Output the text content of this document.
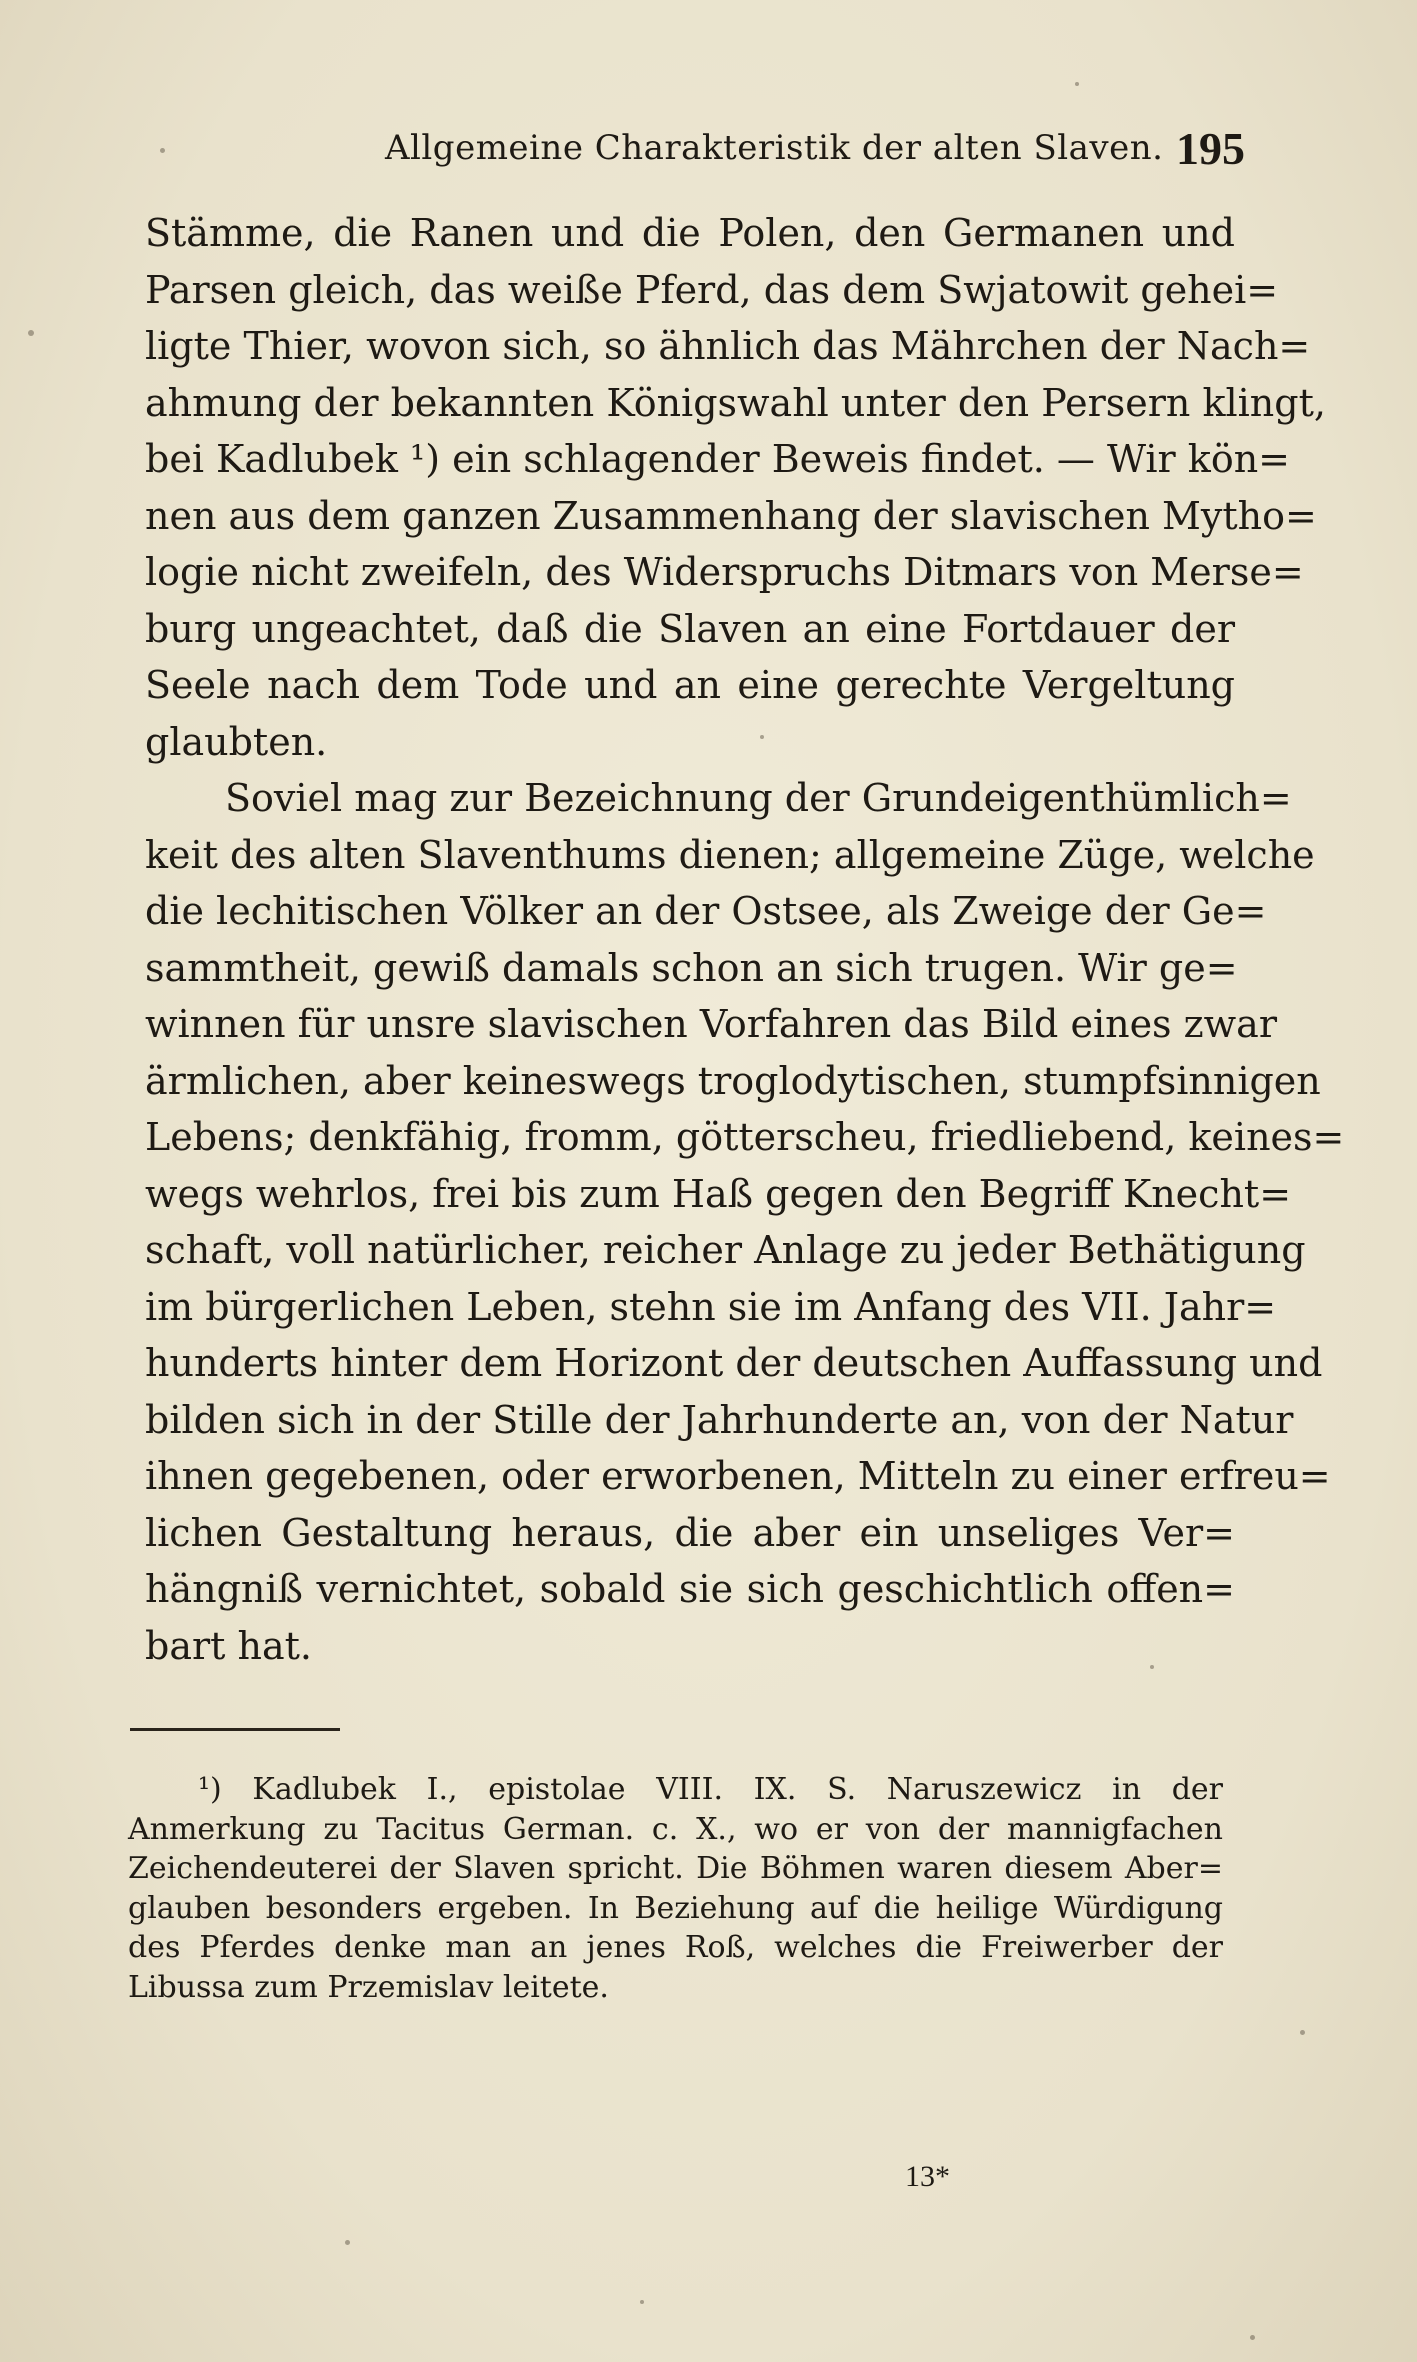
Allgemeine Charakteristik der alten Slaven. 195
Stämme, die Ranen und die Polen, den Germanen und
Parsen gleich, das weiße Pferd, das dem Swjatowit gehei=
ligte Thier, wovon sich, so ähnlich das Mährchen der Nach=
ahmung der bekannten Königswahl unter den Persern klingt,
bei Kadlubek ¹) ein schlagender Beweis findet. — Wir kön=
nen aus dem ganzen Zusammenhang der slavischen Mytho=
logie nicht zweifeln, des Widerspruchs Ditmars von Merse=
burg ungeachtet, daß die Slaven an eine Fortdauer der
Seele nach dem Tode und an eine gerechte Vergeltung
glaubten.
Soviel mag zur Bezeichnung der Grundeigenthümlich=
keit des alten Slaventhums dienen; allgemeine Züge, welche
die lechitischen Völker an der Ostsee, als Zweige der Ge=
sammtheit, gewiß damals schon an sich trugen. Wir ge=
winnen für unsre slavischen Vorfahren das Bild eines zwar
ärmlichen, aber keineswegs troglodytischen, stumpfsinnigen
Lebens; denkfähig, fromm, götterscheu, friedliebend, keines=
wegs wehrlos, frei bis zum Haß gegen den Begriff Knecht=
schaft, voll natürlicher, reicher Anlage zu jeder Bethätigung
im bürgerlichen Leben, stehn sie im Anfang des VII. Jahr=
hunderts hinter dem Horizont der deutschen Auffassung und
bilden sich in der Stille der Jahrhunderte an, von der Natur
ihnen gegebenen, oder erworbenen, Mitteln zu einer erfreu=
lichen Gestaltung heraus, die aber ein unseliges Ver=
hängniß vernichtet, sobald sie sich geschichtlich offen=
bart hat.
¹) Kadlubek I., epistolae VIII. IX. S. Naruszewicz in der
Anmerkung zu Tacitus German. c. X., wo er von der mannigfachen
Zeichendeuterei der Slaven spricht. Die Böhmen waren diesem Aber=
glauben besonders ergeben. In Beziehung auf die heilige Würdigung
des Pferdes denke man an jenes Roß, welches die Freiwerber der
Libussa zum Przemislav leitete.
13*
